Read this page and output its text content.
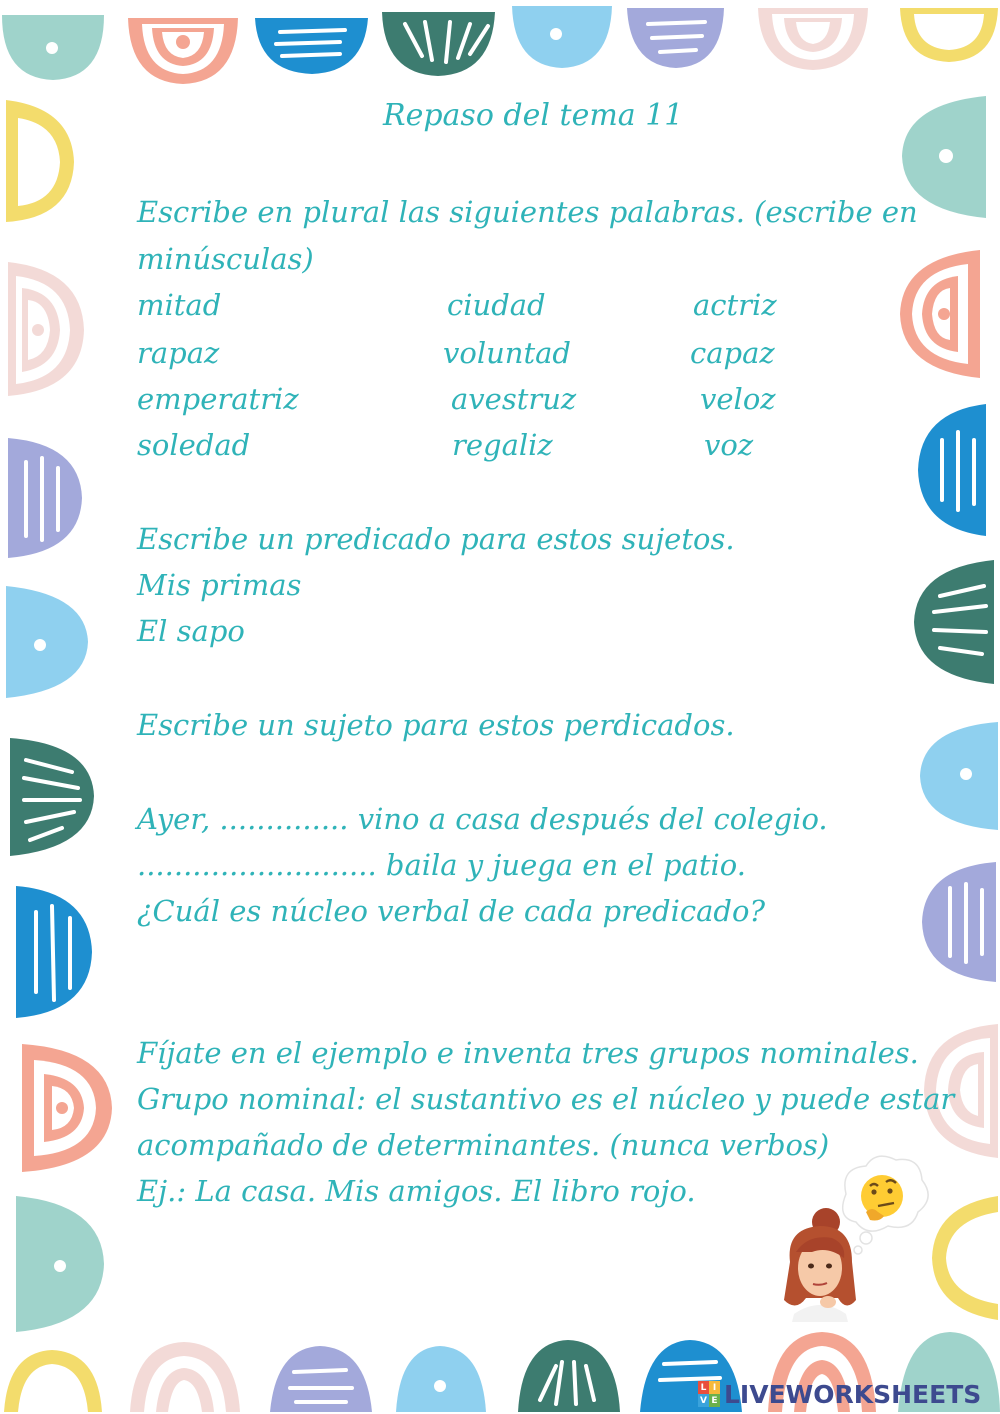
Repaso del tema 11
Escribe en plural las siguientes palabras. (escribe en
minúsculas)
mitad	ciudad	actriz
rapaz	voluntad	capaz
emperatriz	avestruz	veloz
soledad	regaliz	voz
Escribe un predicado para estos sujetos.
Mis primas
El sapo
Escribe un sujeto para estos perdicados.
Ayer, .............. vino a casa después del colegio.
.......................... baila y juega en el patio.
¿Cuál es núcleo verbal de cada predicado?
Fíjate en el ejemplo e inventa tres grupos nominales.
Grupo nominal: el sustantivo es el núcleo y puede estar
acompañado de determinantes. (nunca verbos)
Ej.: La casa. Mis amigos. El libro rojo.
L I
V E LIVEWORKSHEETS
